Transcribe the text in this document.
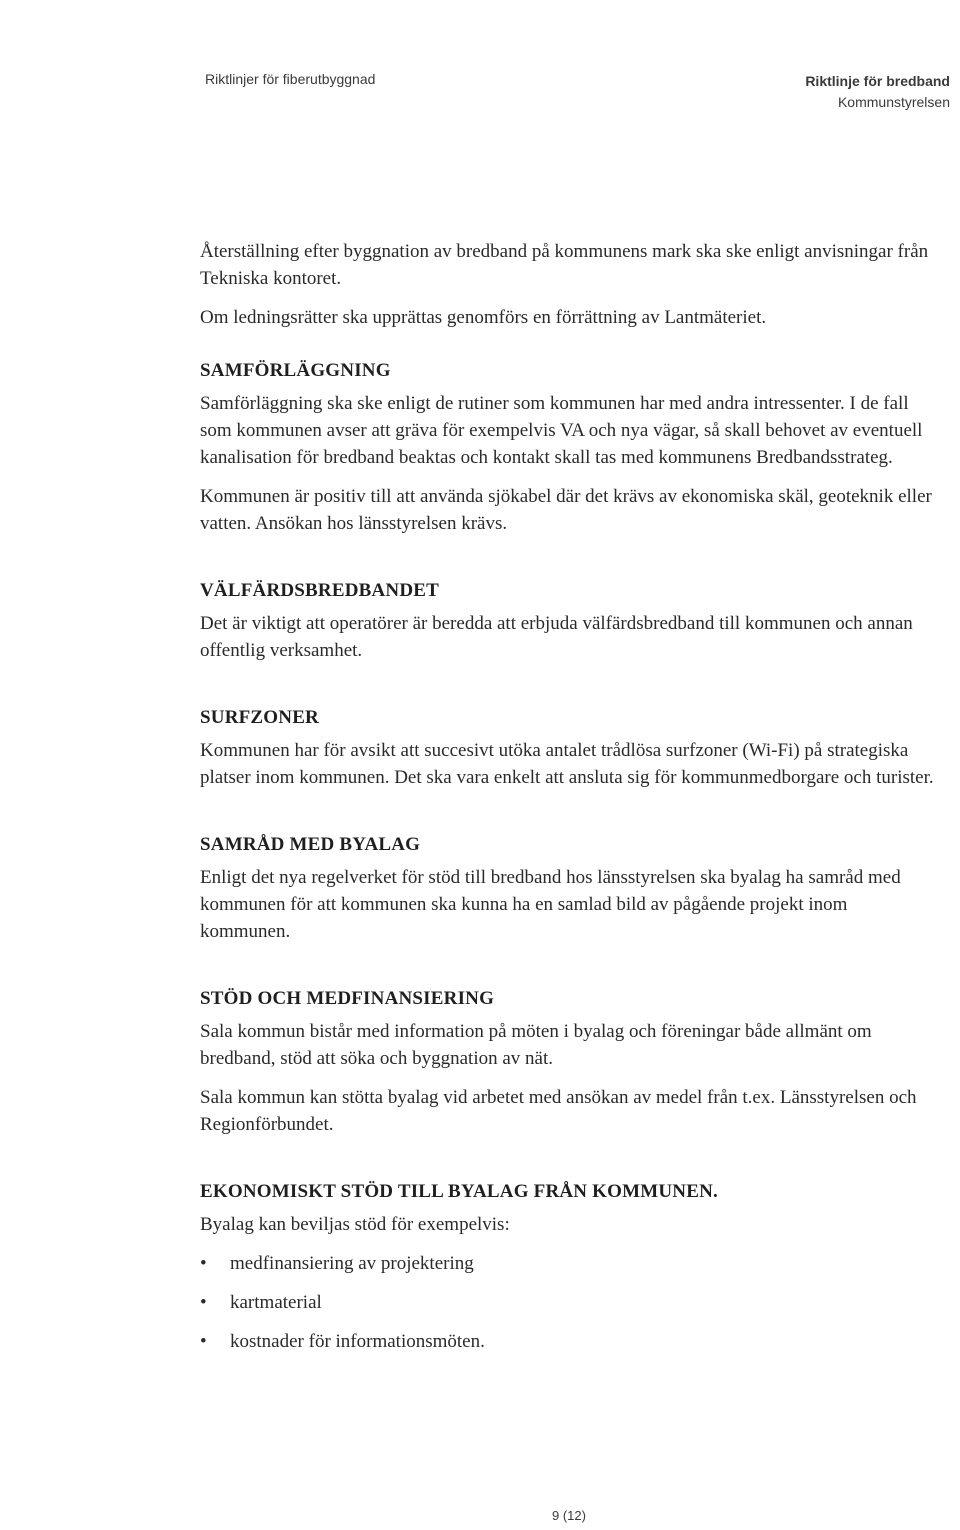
Riktlinjer för fiberutbyggnad	Riktlinje för bredband
Kommunstyrelsen

Återställning efter byggnation av bredband på kommunens mark ska ske enligt anvisningar från Tekniska kontoret.

Om ledningsrätter ska upprättas genomförs en förrättning av Lantmäteriet.

SAMFÖRLÄGGNING

Samförläggning ska ske enligt de rutiner som kommunen har med andra intressenter. I de fall som kommunen avser att gräva för exempelvis VA och nya vägar, så skall behovet av eventuell kanalisation för bredband beaktas och kontakt skall tas med kommunens Bredbandsstrateg.

Kommunen är positiv till att använda sjökabel där det krävs av ekonomiska skäl, geoteknik eller vatten. Ansökan hos länsstyrelsen krävs.

VÄLFÄRDSBREDBANDET

Det är viktigt att operatörer är beredda att erbjuda välfärdsbredband till kommunen och annan offentlig verksamhet.

SURFZONER

Kommunen har för avsikt att succesivt utöka antalet trådlösa surfzoner (Wi-Fi) på strategiska platser inom kommunen. Det ska vara enkelt att ansluta sig för kommunmedborgare och turister.

SAMRÅD MED BYALAG

Enligt det nya regelverket för stöd till bredband hos länsstyrelsen ska byalag ha samråd med kommunen för att kommunen ska kunna ha en samlad bild av pågående projekt inom kommunen.

STÖD OCH MEDFINANSIERING

Sala kommun bistår med information på möten i byalag och föreningar både allmänt om bredband, stöd att söka och byggnation av nät.

Sala kommun kan stötta byalag vid arbetet med ansökan av medel från t.ex. Länsstyrelsen och Regionförbundet.

EKONOMISKT STÖD TILL BYALAG FRÅN KOMMUNEN.

Byalag kan beviljas stöd för exempelvis:

• medfinansiering av projektering
• kartmaterial
• kostnader för informationsmöten.
9 (12)
